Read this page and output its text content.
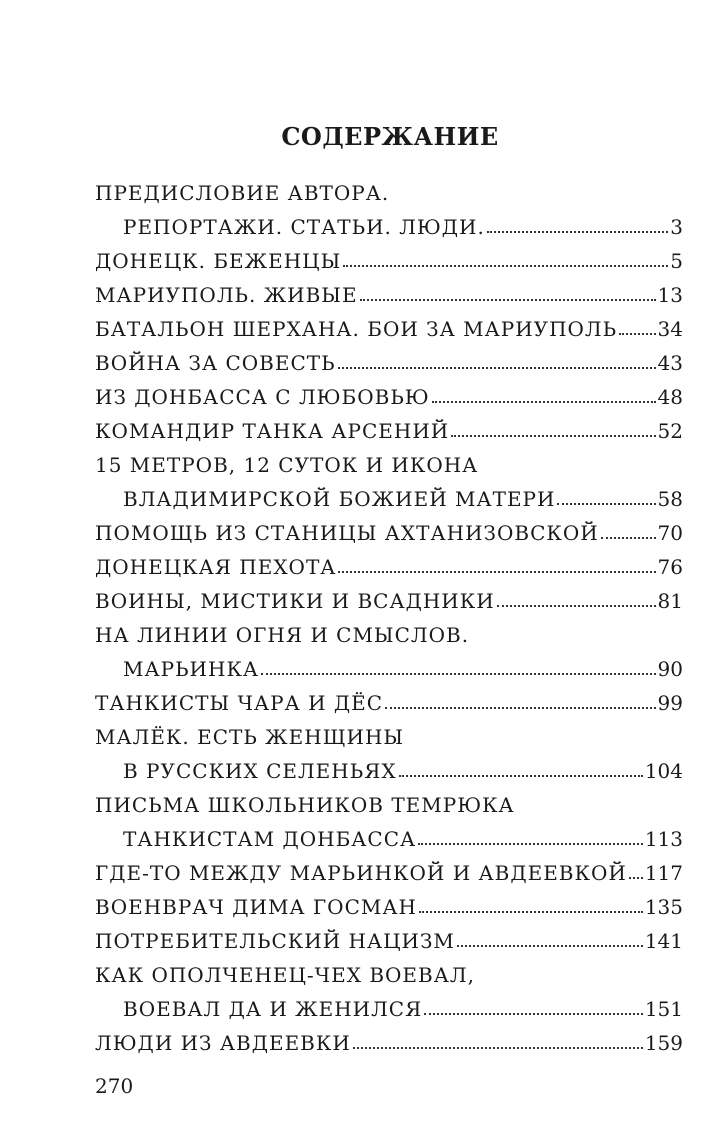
СОДЕРЖАНИЕ
ПРЕДИСЛОВИЕ АВТОРА.
РЕПОРТАЖИ. СТАТЬИ. ЛЮДИ.	3
ДОНЕЦК. БЕЖЕНЦЫ	5
МАРИУПОЛЬ. ЖИВЫЕ	13
БАТАЛЬОН ШЕРХАНА. БОИ ЗА МАРИУПОЛЬ 34
ВОЙНА ЗА СОВЕСТЬ	43
ИЗ ДОНБАССА С ЛЮБОВЬЮ	48
КОМАНДИР ТАНКА АРСЕНИЙ	52
15 МЕТРОВ, 12 СУТОК И ИКОНА
ВЛАДИМИРСКОЙ БОЖИЕЙ МАТЕРИ	58
ПОМОЩЬ ИЗ СТАНИЦЫ АХТАНИЗОВСКОЙ	70
ДОНЕЦКАЯ ПЕХОТА	76
ВОИНЫ, МИСТИКИ И ВСАДНИКИ	81
НА ЛИНИИ ОГНЯ И СМЫСЛОВ.
МАРЬИНКА	90
ТАНКИСТЫ ЧАРА И ДЁС	99
МАЛЁК. ЕСТЬ ЖЕНЩИНЫ
В РУССКИХ СЕЛЕНЬЯХ	104
ПИСЬМА ШКОЛЬНИКОВ ТЕМРЮКА
ТАНКИСТАМ ДОНБАССА	113
ГДЕ-ТО МЕЖДУ МАРЬИНКОЙ И АВДЕЕВКОЙ 117
ВОЕНВРАЧ ДИМА ГОСМАН	135
ПОТРЕБИТЕЛЬСКИЙ НАЦИЗМ	141
КАК ОПОЛЧЕНЕЦ-ЧЕХ ВОЕВАЛ,
ВОЕВАЛ ДА И ЖЕНИЛСЯ	151
ЛЮДИ ИЗ АВДЕЕВКИ	159
270
